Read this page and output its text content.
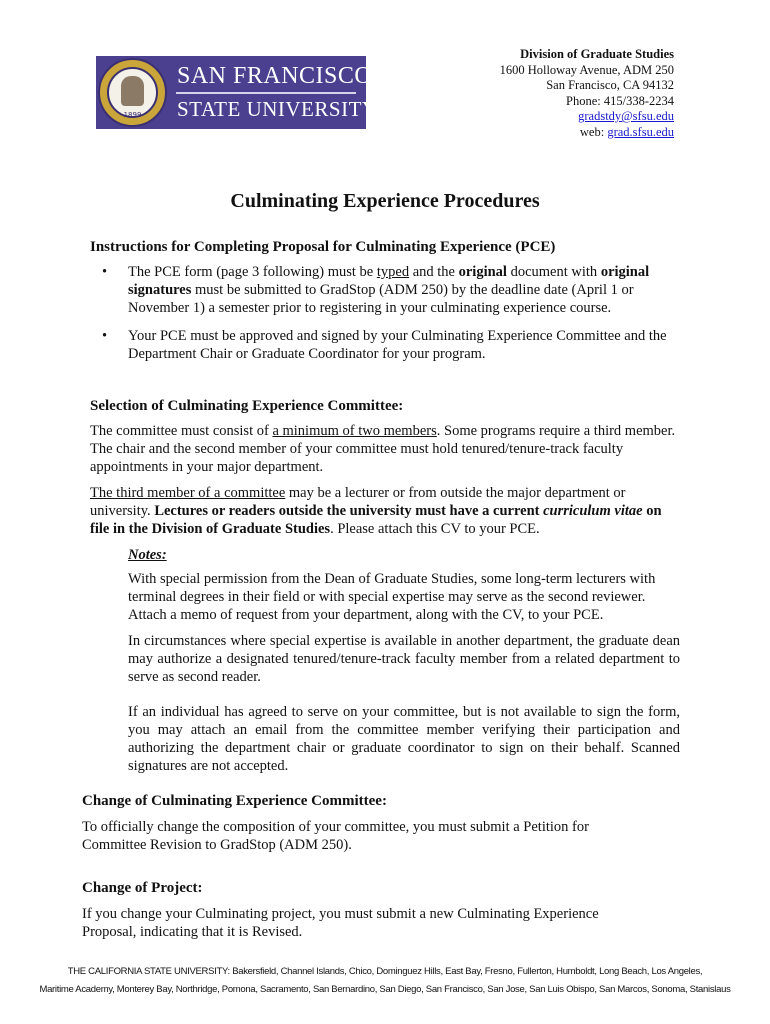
1899
SAN FRANCISCO
STATE UNIVERSITY
Division of Graduate Studies
1600 Holloway Avenue, ADM 250
San Francisco, CA 94132
Phone: 415/338-2234
gradstdy@sfsu.edu
web: grad.sfsu.edu
Culminating Experience Procedures
Instructions for Completing Proposal for Culminating Experience (PCE)
• The PCE form (page 3 following) must be typed and the original document with original signatures must be submitted to GradStop (ADM 250) by the deadline date (April 1 or November 1) a semester prior to registering in your culminating experience course.
• Your PCE must be approved and signed by your Culminating Experience Committee and the Department Chair or Graduate Coordinator for your program.
Selection of Culminating Experience Committee:

The committee must consist of a minimum of two members. Some programs require a third member. The chair and the second member of your committee must hold tenured/tenure-track faculty appointments in your major department.

The third member of a committee may be a lecturer or from outside the major department or university. Lectures or readers outside the university must have a current curriculum vitae on file in the Division of Graduate Studies. Please attach this CV to your PCE.

Notes:

With special permission from the Dean of Graduate Studies, some long-term lecturers with terminal degrees in their field or with special expertise may serve as the second reviewer. Attach a memo of request from your department, along with the CV, to your PCE.

In circumstances where special expertise is available in another department, the graduate dean may authorize a designated tenured/tenure-track faculty member from a related department to serve as second reader.

If an individual has agreed to serve on your committee, but is not available to sign the form, you may attach an email from the committee member verifying their participation and authorizing the department chair or graduate coordinator to sign on their behalf. Scanned signatures are not accepted.

Change of Culminating Experience Committee:

To officially change the composition of your committee, you must submit a Petition for Committee Revision to GradStop (ADM 250).

Change of Project:

If you change your Culminating project, you must submit a new Culminating Experience Proposal, indicating that it is Revised.

THE CALIFORNIA STATE UNIVERSITY: Bakersfield, Channel Islands, Chico, Dominguez Hills, East Bay, Fresno, Fullerton, Humboldt, Long Beach, Los Angeles,
Maritime Academy, Monterey Bay, Northridge, Pomona, Sacramento, San Bernardino, San Diego, San Francisco, San Jose, San Luis Obispo, San Marcos, Sonoma, Stanislaus
